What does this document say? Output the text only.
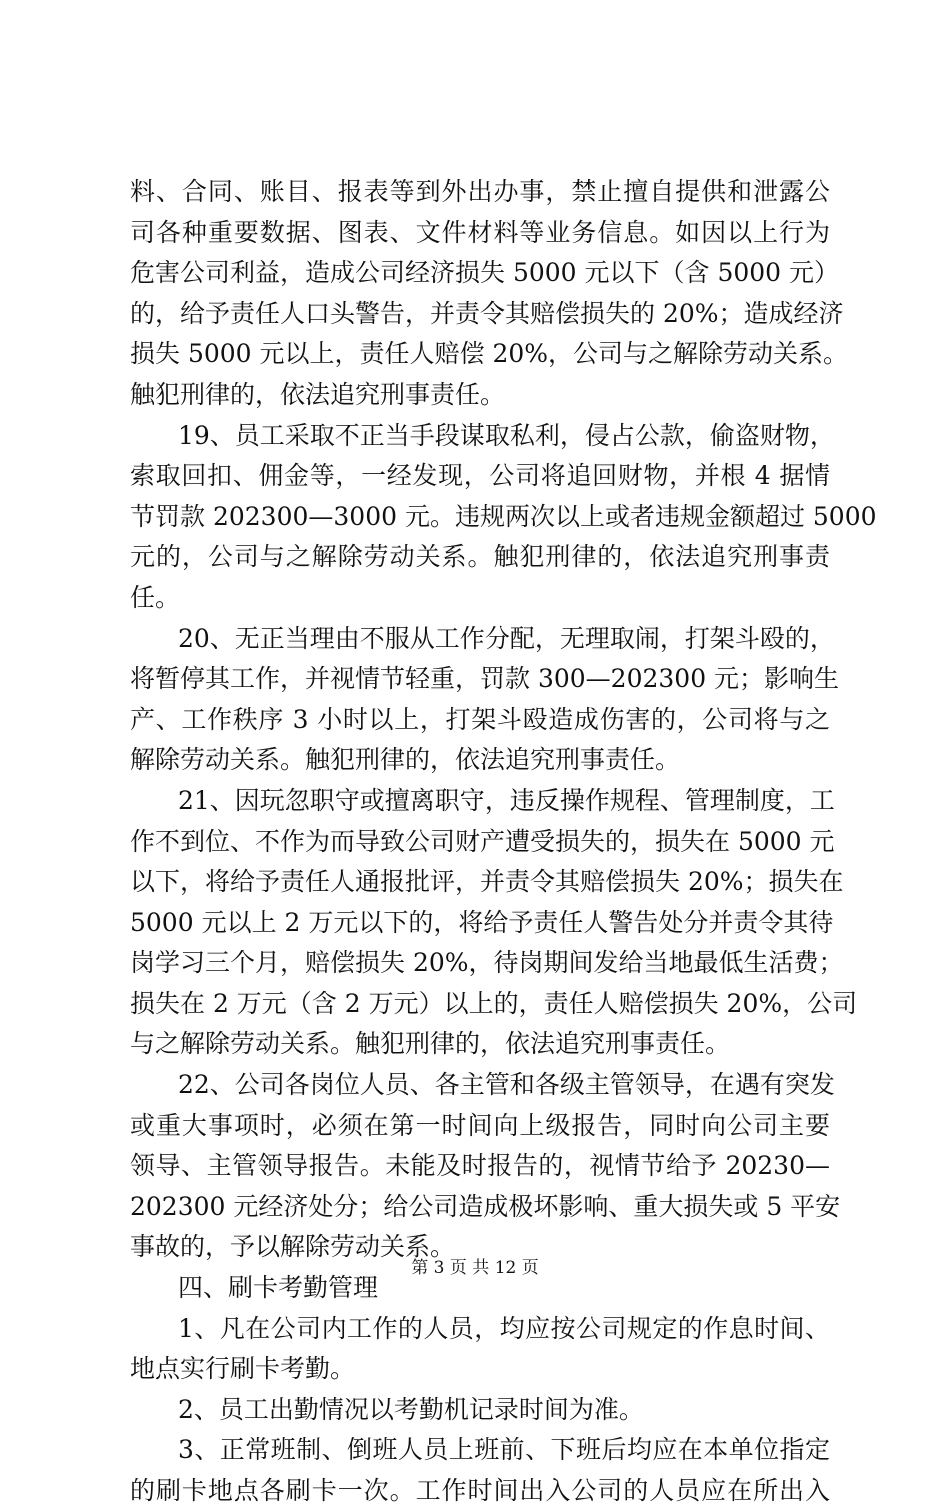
料、合同、账目、报表等到外出办事，禁止擅自提供和泄露公
司各种重要数据、图表、文件材料等业务信息。如因以上行为
危害公司利益，造成公司经济损失 5000 元以下（含 5000 元）
的，给予责任人口头警告，并责令其赔偿损失的 20%；造成经济
损失 5000 元以上，责任人赔偿 20%，公司与之解除劳动关系。
触犯刑律的，依法追究刑事责任。
19、员工采取不正当手段谋取私利，侵占公款，偷盗财物，
索取回扣、佣金等，一经发现，公司将追回财物，并根 4 据情
节罚款 202300—3000 元。违规两次以上或者违规金额超过 5000
元的，公司与之解除劳动关系。触犯刑律的，依法追究刑事责
任。
20、无正当理由不服从工作分配，无理取闹，打架斗殴的，
将暂停其工作，并视情节轻重，罚款 300—202300 元；影响生
产、工作秩序 3 小时以上，打架斗殴造成伤害的，公司将与之
解除劳动关系。触犯刑律的，依法追究刑事责任。
21、因玩忽职守或擅离职守，违反操作规程、管理制度，工
作不到位、不作为而导致公司财产遭受损失的，损失在 5000 元
以下，将给予责任人通报批评，并责令其赔偿损失 20%；损失在
5000 元以上 2 万元以下的，将给予责任人警告处分并责令其待
岗学习三个月，赔偿损失 20%，待岗期间发给当地最低生活费；
损失在 2 万元（含 2 万元）以上的，责任人赔偿损失 20%，公司
与之解除劳动关系。触犯刑律的，依法追究刑事责任。
22、公司各岗位人员、各主管和各级主管领导，在遇有突发
或重大事项时，必须在第一时间向上级报告，同时向公司主要
领导、主管领导报告。未能及时报告的，视情节给予 20230—
202300 元经济处分；给公司造成极坏影响、重大损失或 5 平安
事故的，予以解除劳动关系。
四、刷卡考勤管理
1、凡在公司内工作的人员，均应按公司规定的作息时间、
地点实行刷卡考勤。
2、员工出勤情况以考勤机记录时间为准。
3、正常班制、倒班人员上班前、下班后均应在本单位指定
的刷卡地点各刷卡一次。工作时间出入公司的人员应在所出入
第 3 页 共 12 页
